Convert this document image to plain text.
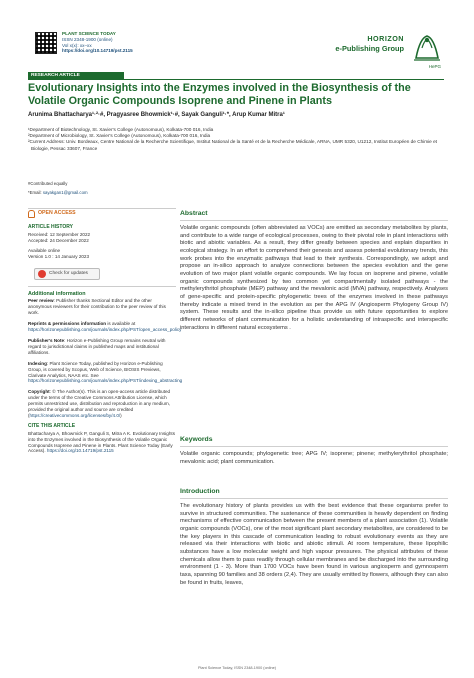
PLANT SCIENCE TODAY
ISSN 2348-1900 (online)
Vol x(x): xx–xx
https://doi.org/10.14719/pst.2115
HORIZON
e-Publishing Group
HePG
RESEARCH ARTICLE
Evolutionary Insights into the Enzymes involved in the Biosynthesis of the Volatile Organic Compounds Isoprene and Pinene in Plants
Arunima Bhattacharya¹·²·#, Pragyasree Bhowmick¹·#, Sayak Ganguli¹·*, Arup Kumar Mitra¹
¹Department of Biotechnology, St. Xavier's College (Autonomous), Kolkata-700 016, India
²Department of Microbiology, St. Xavier's College (Autonomous), Kolkata-700 016, India
²Current Address: Univ. Bordeaux, Centre National de la Recherche Scientifique, Institut National de la Santé et de la Recherche Médicale, ARNA, UMR 5320, U1212, Institut Européen de Chimie et Biologie, Pessac 33607, France
#Contributed equally
*Email: sayakgan1@gmail.com
OPEN ACCESS
ARTICLE HISTORY
Received: 12 September 2022
Accepted: 24 December 2022
Available online
Version 1.0 : 14 January 2023
Check for updates
Additional information

Peer review: Publisher thanks Sectional Editor and the other anonymous reviewers for their contribution to the peer review of this work.

Reprints & permissions information is available at https://horizonepublishing.com/journals/index.php/PST/open_access_policy

Publisher's Note: Horizon e-Publishing Group remains neutral with regard to jurisdictional claims in published maps and institutional affiliations.

Indexing: Plant Science Today, published by Horizon e-Publishing Group, is covered by Scopus, Web of Science, BIOSIS Previews, Clarivate Analytics, NAAS etc. See https://horizonepublishing.com/journals/index.php/PST/indexing_abstracting

Copyright: © The Author(s). This is an open-access article distributed under the terms of the Creative Commons Attribution License, which permits unrestricted use, distribution and reproduction in any medium, provided the original author and source are credited (https://creativecommons.org/licenses/by/4.0/)

CITE THIS ARTICLE

Bhattacharya A, Bhowmick P, Ganguli S, Mitra A K. Evolutionary Insights into the Enzymes involved in the Biosynthesis of the Volatile Organic Compounds Isoprene and Pinene in Plants. Plant Science Today (Early Access). https://doi.org/10.14719/pst.2115

Abstract
Volatile organic compounds (often abbreviated as VOCs) are emitted as secondary metabolites by plants, and contribute to a wide range of ecological processes, owing to their pivotal role in plant interactions with biotic and abiotic variables. As a result, they differ greatly between species and explain disparities in ecological strategy. In an effort to comprehend their genesis and assess potential evolutionary trends, this work probes into the enzymatic pathways that lead to their synthesis. Correspondingly, we adopt and propose an in-silico approach to analyze connections between the species evolution and the gene evolution of two major plant volatile organic compounds. We lay focus on isoprene and pinene, volatile organic compounds synthesized by two common yet compartmentally isolated pathways - the methylerythritol phosphate (MEP) pathway and the mevalonic acid (MVA) pathway, respectively. Analyses of gene-specific and protein-specific phylogenetic trees of the enzymes involved in these pathways thereby indicate a mixed trend in the evolution as per the APG IV (Angiosperm Phylogeny Group IV) system. These results and the in-silico pipeline thus provide us with future opportunities to explore different networks of plant communication for a holistic understanding of intraspecific and interspecific interactions in different natural ecosystems .
Keywords
Volatile organic compounds; phylogenetic tree; APG IV; isoprene; pinene; methylerythritol phosphate; mevalonic acid; plant communication.
Introduction
The evolutionary history of plants provides us with the best evidence that these organisms prefer to survive in structured communities. The sustenance of these communities is heavily dependent on finding mechanisms of effective communication between the present members of a plant association (1). Volatile organic compounds (VOCs), one of the most significant plant secondary metabolites, are considered to be the key players in this cascade of communication leading to robust evolutionary events as they are released via their interactions with biotic and abiotic stimuli. At room temperature, these lipophilic substances have a low molecular weight and high vapour pressures. The physical attributes of these chemicals allow them to pass readily through cellular membranes and be discharged into the surrounding environment (1 - 3). More than 1700 VOCs have been found in various angiosperm and gymnosperm taxa, spanning 90 families and 38 orders (2,4). They are usually emitted by flowers, although they can also be found in fruits, leaves,
Plant Science Today, ISSN 2348-1900 (online)
